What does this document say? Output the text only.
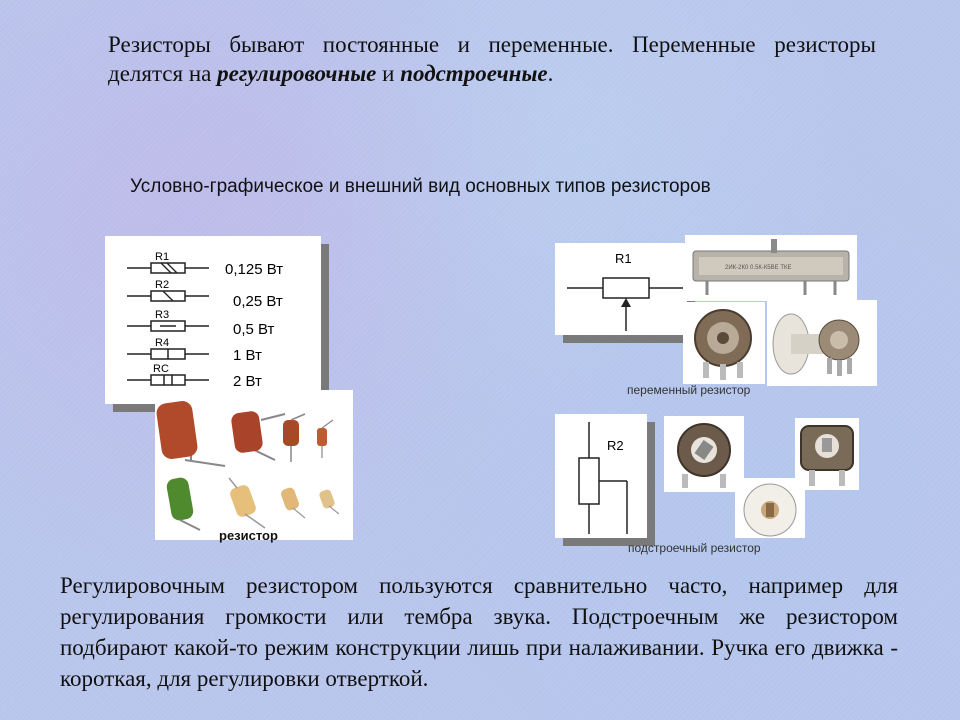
Резисторы бывают постоянные и переменные. Переменные резисторы делятся на регулировочные и подстроечные.
Условно-графическое и внешний вид основных типов резисторов
R1
0,125 Вт
R2
0,25 Вт
R3
0,5 Вт
R4
1 Вт
RC
2 Вт
резистор
R1
2ИК-2К0 0.5К-К5ВЕ ТКЕ
переменный резистор
R2
подстроечный резистор
Регулировочным резистором пользуются сравнительно часто, например для регулирования громкости или тембра звука. Подстроечным же резистором подбирают какой-то режим конструкции лишь при налаживании. Ручка его движка - короткая, для регулировки отверткой.
